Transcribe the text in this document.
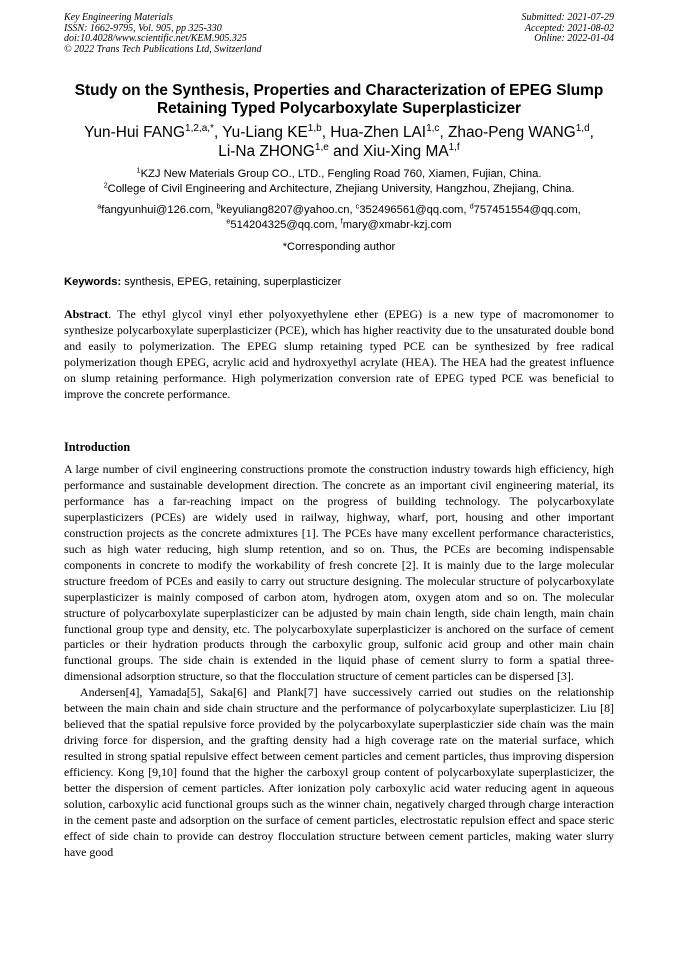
Key Engineering Materials
ISSN: 1662-9795, Vol. 905, pp 325-330
doi:10.4028/www.scientific.net/KEM.905.325
© 2022 Trans Tech Publications Ltd, Switzerland
Submitted: 2021-07-29
Accepted: 2021-08-02
Online: 2022-01-04
Study on the Synthesis, Properties and Characterization of EPEG Slump
Retaining Typed Polycarboxylate Superplasticizer
Yun-Hui $FANG^{1,2,a,*}$, Yu-Liang KE$^{1,b}$, Hua-Zhen LAI$^{1,c}$, Zhao-Peng WANG$^{1,d}$,
Li-Na ZHONG$^{1,e}$ and Xiu-Xing MA$^{1,f}$
$^1$KZJ New Materials Group CO., LTD., Fengling Road 760, Xiamen, Fujian, China.
$^2$College of Civil Engineering and Architecture, Zhejiang University, Hangzhou, Zhejiang, China.
$^a$fangyunhui@126.com, $^b$keyuliang8207@yahoo.cn, $^c$352496561@qq.com, $^d$757451554@qq.com,
$^e$514204325@qq.com, $^f$mary@xmabr-kzj.com
*Corresponding author
Keywords: synthesis, EPEG, retaining, superplasticizer
Abstract. The ethyl glycol vinyl ether polyoxyethylene ether (EPEG) is a new type of macromonomer to synthesize polycarboxylate superplasticizer (PCE), which has higher reactivity due to the unsaturated double bond and easily to polymerization. The EPEG slump retaining typed PCE can be synthesized by free radical polymerization though EPEG, acrylic acid and hydroxyethyl acrylate (HEA). The HEA had the greatest influence on slump retaining performance. High polymerization conversion rate of EPEG typed PCE was beneficial to improve the concrete performance.
Introduction

A large number of civil engineering constructions promote the construction industry towards high efficiency, high performance and sustainable development direction. The concrete as an important civil engineering material, its performance has a far-reaching impact on the progress of building technology. The polycarboxylate superplasticizers (PCEs) are widely used in railway, highway, wharf, port, housing and other important construction projects as the concrete admixtures [1]. The PCEs have many excellent performance characteristics, such as high water reducing, high slump retention, and so on. Thus, the PCEs are becoming indispensable components in concrete to modify the workability of fresh concrete [2]. It is mainly due to the large molecular structure freedom of PCEs and easily to carry out structure designing. The molecular structure of polycarboxylate superplasticizer is mainly composed of carbon atom, hydrogen atom, oxygen atom and so on. The molecular structure of polycarboxylate superplasticizer can be adjusted by main chain length, side chain length, main chain functional group type and density, etc. The polycarboxylate superplasticizer is anchored on the surface of cement particles or their hydration products through the carboxylic group, sulfonic acid group and other main chain functional groups. The side chain is extended in the liquid phase of cement slurry to form a spatial three-dimensional adsorption structure, so that the flocculation structure of cement particles can be dispersed [3].

Andersen[4], Yamada[5], Saka[6] and Plank[7] have successively carried out studies on the relationship between the main chain and side chain structure and the performance of polycarboxylate superplasticizer. Liu [8] believed that the spatial repulsive force provided by the polycarboxylate superplasticzier side chain was the main driving force for dispersion, and the grafting density had a high coverage rate on the material surface, which resulted in strong spatial repulsive effect between cement particles and cement particles, thus improving dispersion efficiency. Kong [9,10] found that the higher the carboxyl group content of polycarboxylate superplasticizer, the better the dispersion of cement particles. After ionization poly carboxylic acid water reducing agent in aqueous solution, carboxylic acid functional groups such as the winner chain, negatively charged through charge interaction in the cement paste and adsorption on the surface of cement particles, electrostatic repulsion effect and space steric effect of side chain to provide can destroy flocculation structure between cement particles, making water slurry have good
